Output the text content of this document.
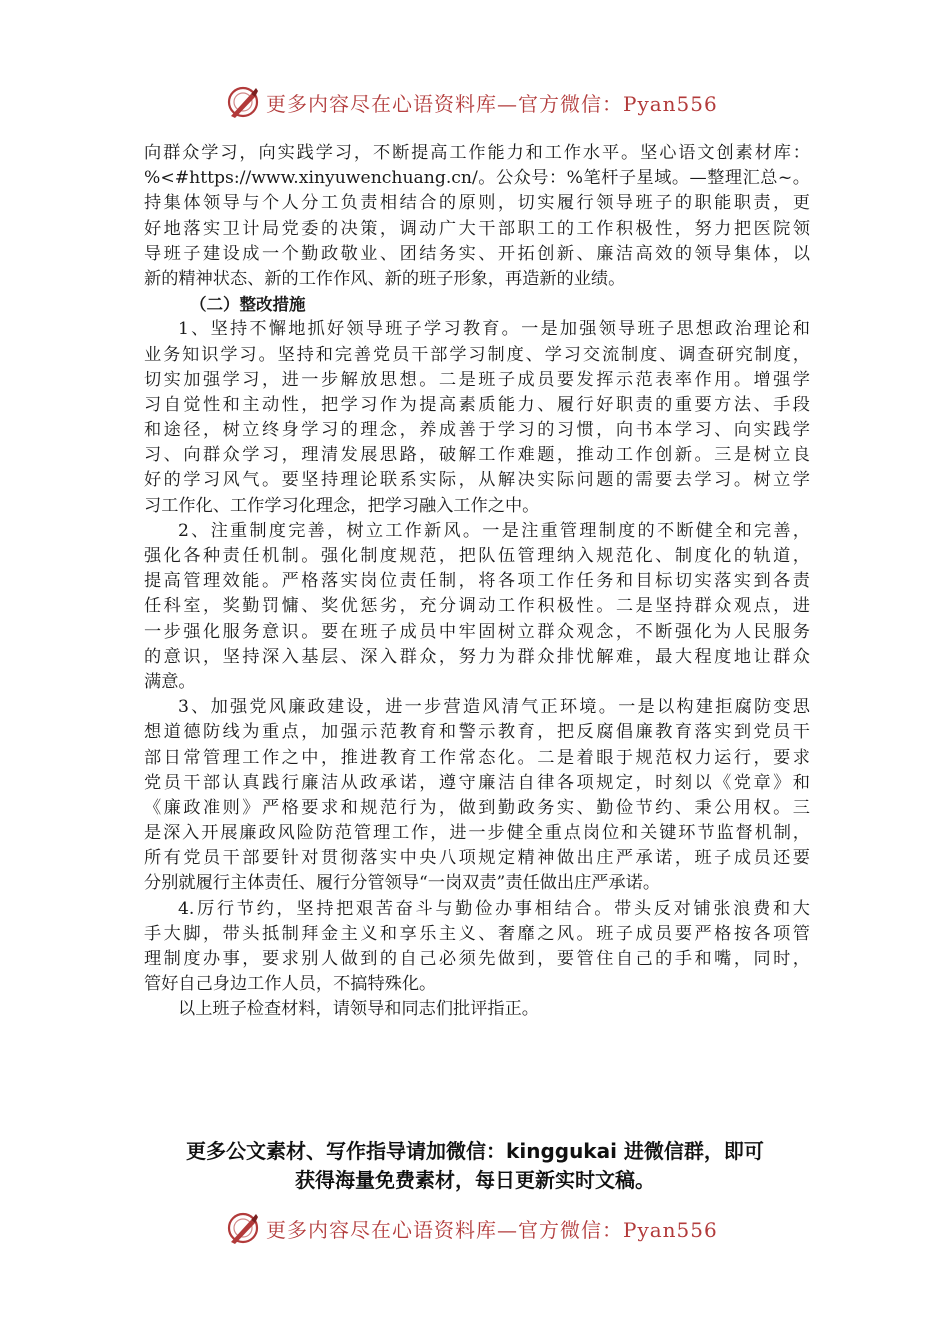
更多内容尽在心语资料库—官方微信：Pyan556
向群众学习，向实践学习，不断提高工作能力和工作水平。坚心语文创素材库：
%<#https://www.xinyuwenchuang.cn/。公众号：%笔杆子星域。—整理汇总~。
持集体领导与个人分工负责相结合的原则，切实履行领导班子的职能职责，更
好地落实卫计局党委的决策，调动广大干部职工的工作积极性，努力把医院领
导班子建设成一个勤政敬业、团结务实、开拓创新、廉洁高效的领导集体，以
新的精神状态、新的工作作风、新的班子形象，再造新的业绩。
（二）整改措施
1、坚持不懈地抓好领导班子学习教育。一是加强领导班子思想政治理论和
业务知识学习。坚持和完善党员干部学习制度、学习交流制度、调查研究制度，
切实加强学习，进一步解放思想。二是班子成员要发挥示范表率作用。增强学
习自觉性和主动性，把学习作为提高素质能力、履行好职责的重要方法、手段
和途径，树立终身学习的理念，养成善于学习的习惯，向书本学习、向实践学
习、向群众学习，理清发展思路，破解工作难题，推动工作创新。三是树立良
好的学习风气。要坚持理论联系实际，从解决实际问题的需要去学习。树立学
习工作化、工作学习化理念，把学习融入工作之中。
2、注重制度完善，树立工作新风。一是注重管理制度的不断健全和完善，
强化各种责任机制。强化制度规范，把队伍管理纳入规范化、制度化的轨道，
提高管理效能。严格落实岗位责任制，将各项工作任务和目标切实落实到各责
任科室，奖勤罚慵、奖优惩劣，充分调动工作积极性。二是坚持群众观点，进
一步强化服务意识。要在班子成员中牢固树立群众观念，不断强化为人民服务
的意识，坚持深入基层、深入群众，努力为群众排忧解难，最大程度地让群众
满意。
3、加强党风廉政建设，进一步营造风清气正环境。一是以构建拒腐防变思
想道德防线为重点，加强示范教育和警示教育，把反腐倡廉教育落实到党员干
部日常管理工作之中，推进教育工作常态化。二是着眼于规范权力运行，要求
党员干部认真践行廉洁从政承诺，遵守廉洁自律各项规定，时刻以《党章》和
《廉政准则》严格要求和规范行为，做到勤政务实、勤俭节约、秉公用权。三
是深入开展廉政风险防范管理工作，进一步健全重点岗位和关键环节监督机制，
所有党员干部要针对贯彻落实中央八项规定精神做出庄严承诺，班子成员还要
分别就履行主体责任、履行分管领导“一岗双责”责任做出庄严承诺。
4.厉行节约，坚持把艰苦奋斗与勤俭办事相结合。带头反对铺张浪费和大
手大脚，带头抵制拜金主义和享乐主义、奢靡之风。班子成员要严格按各项管
理制度办事，要求别人做到的自己必须先做到，要管住自己的手和嘴，同时，
管好自己身边工作人员，不搞特殊化。
以上班子检查材料，请领导和同志们批评指正。
更多公文素材、写作指导请加微信：kinggukai 进微信群，即可
获得海量免费素材，每日更新实时文稿。
更多内容尽在心语资料库—官方微信：Pyan556
